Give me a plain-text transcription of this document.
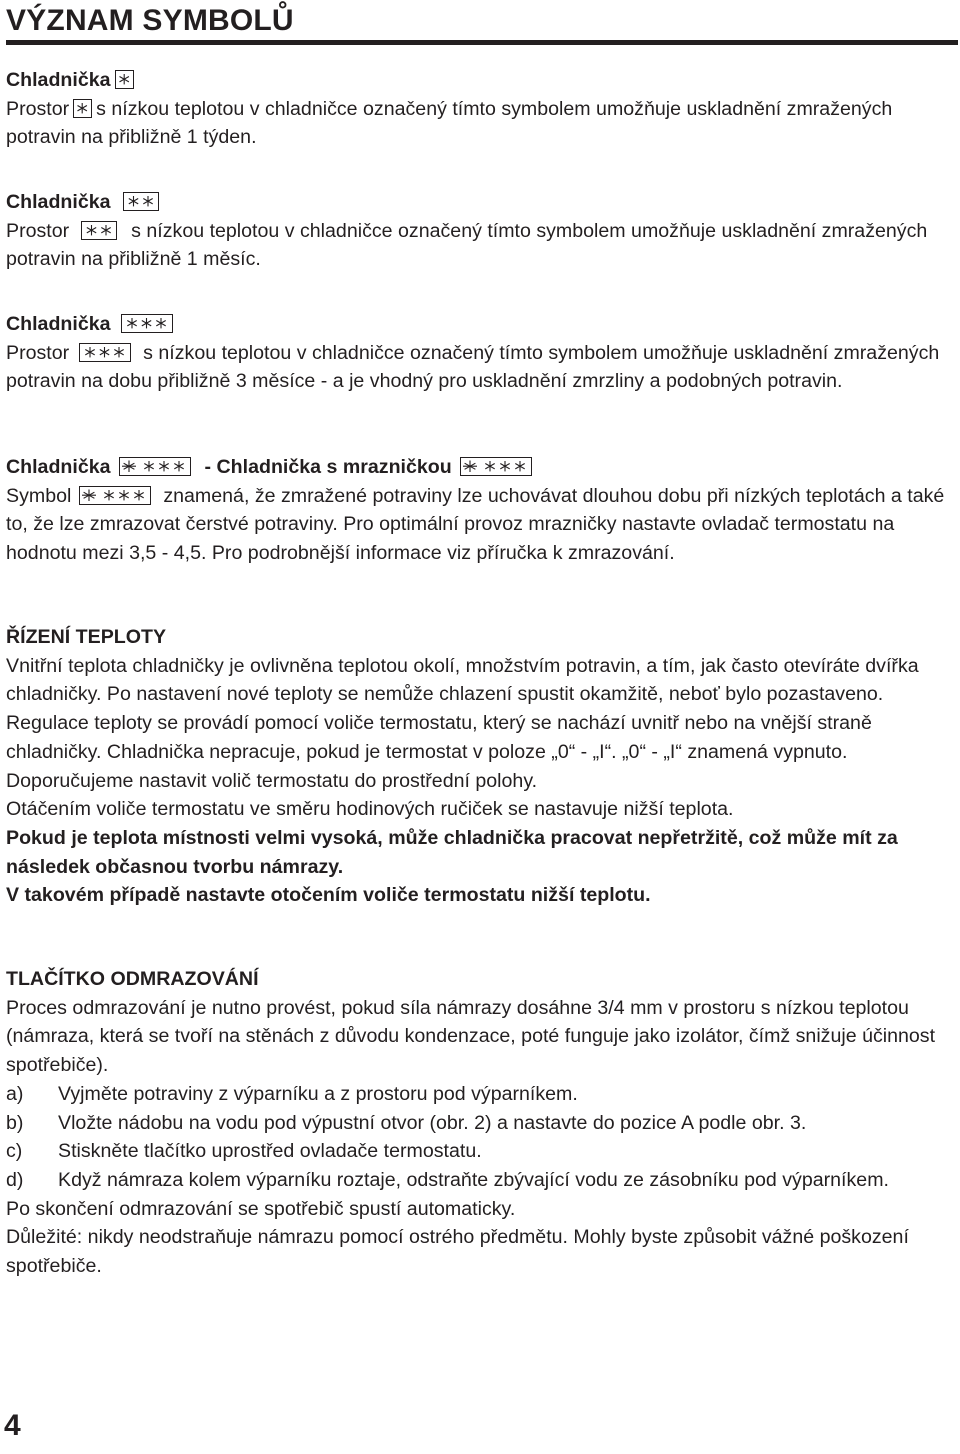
VÝZNAM SYMBOLŮ
Chladnička

Prostor s nízkou teplotou v chladničce označený tímto symbolem umožňuje uskladnění zmražených potravin na přibližně 1 týden.

Chladnička

Prostor	s nízkou teplotou v chladničce označený tímto symbolem umožňuje uskladnění zmražených potravin na přibližně 1 měsíc.

Chladnička

Prostor	s nízkou teplotou v chladničce označený tímto symbolem umožňuje uskladnění zmražených potravin na dobu přibližně 3 měsíce - a je vhodný pro uskladnění zmrzliny a podobných potravin.

Chladnička	- Chladnička s mrazničkou

Symbol	znamená, že zmražené potraviny lze uchovávat dlouhou dobu při nízkých teplotách a také to, že lze zmrazovat čerstvé potraviny. Pro optimální provoz mrazničky nastavte ovladač termostatu na hodnotu mezi 3,5 - 4,5. Pro podrobnější informace viz příručka k zmrazování.

ŘÍZENÍ TEPLOTY

Vnitřní teplota chladničky je ovlivněna teplotou okolí, množstvím potravin, a tím, jak často otevíráte dvířka chladničky. Po nastavení nové teploty se nemůže chlazení spustit okamžitě, neboť bylo pozastaveno. Regulace teploty se provádí pomocí voliče termostatu, který se nachází uvnitř nebo na vnější straně chladničky. Chladnička nepracuje, pokud je termostat v poloze „0“ - „I“. „0“ - „I“ znamená vypnuto.

Doporučujeme nastavit volič termostatu do prostřední polohy.

Otáčením voliče termostatu ve směru hodinových ručiček se nastavuje nižší teplota.

Pokud je teplota místnosti velmi vysoká, může chladnička pracovat nepřetržitě, což může mít za následek občasnou tvorbu námrazy.

V takovém případě nastavte otočením voliče termostatu nižší teplotu.

TLAČÍTKO ODMRAZOVÁNÍ

Proces odmrazování je nutno provést, pokud síla námrazy dosáhne 3/4 mm v prostoru s nízkou teplotou (námraza, která se tvoří na stěnách z důvodu kondenzace, poté funguje jako izolátor, čímž snižuje účinnost spotřebiče).

a) Vyjměte potraviny z výparníku a z prostoru pod výparníkem.
b) Vložte nádobu na vodu pod výpustní otvor (obr. 2) a nastavte do pozice A podle obr. 3.
c) Stiskněte tlačítko uprostřed ovladače termostatu.
d) Když námraza kolem výparníku roztaje, odstraňte zbývající vodu ze zásobníku pod výparníkem.

Po skončení odmrazování se spotřebič spustí automaticky.

Důležité: nikdy neodstraňuje námrazu pomocí ostrého předmětu. Mohly byste způsobit vážné poškození spotřebiče.

4
